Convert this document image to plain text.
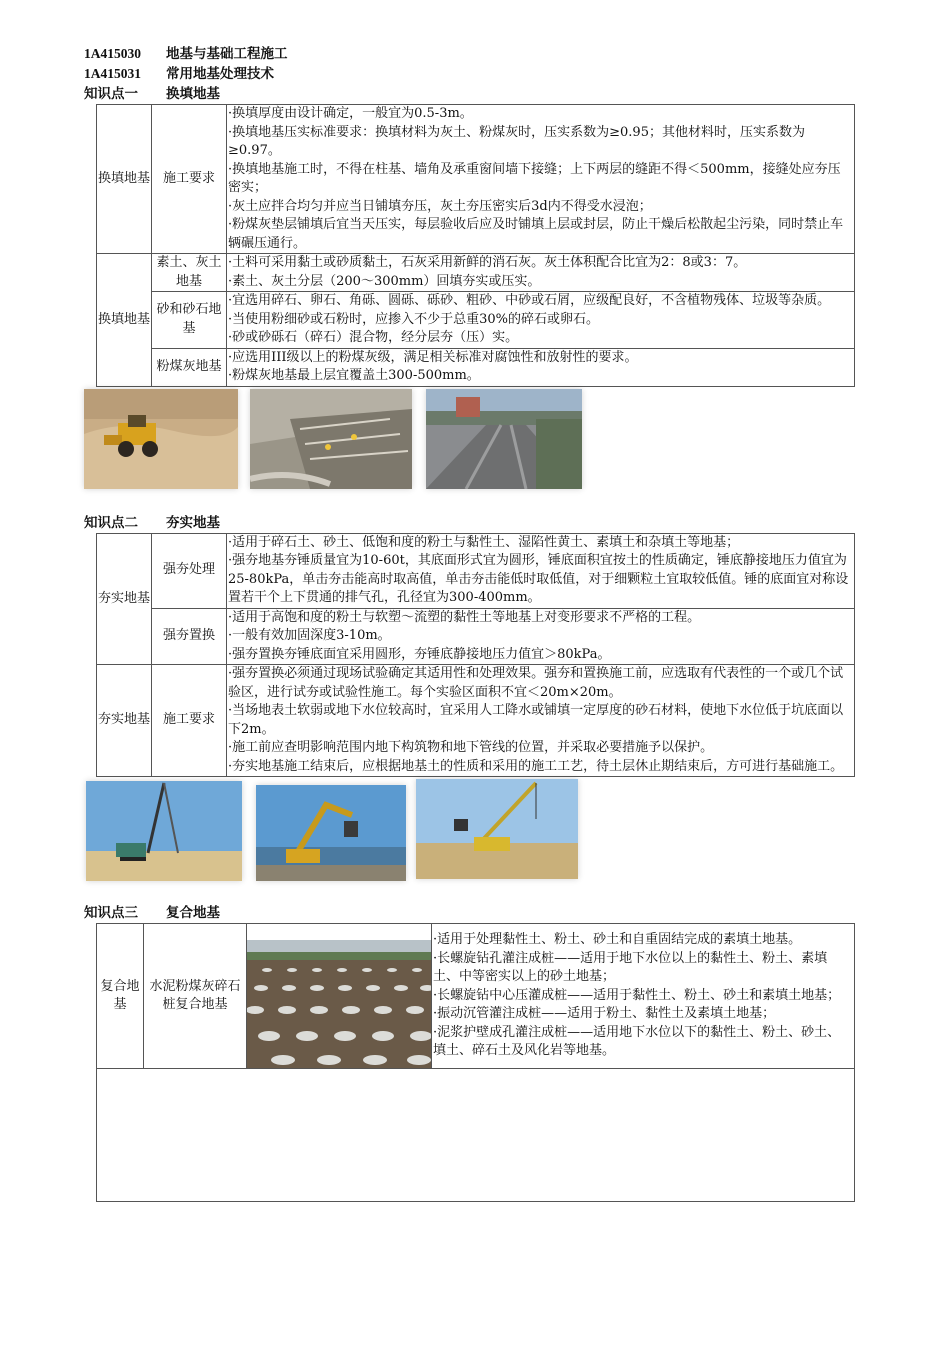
1A415030 地基与基础工程施工
1A415031 常用地基处理技术
知识点一 换填地基
换填地基	施工要求	·换填厚度由设计确定，一般宜为0.5-3m。
·换填地基压实标准要求：换填材料为灰土、粉煤灰时，压实系数为≥0.95；其他材料时，压实系数为≥0.97。
·换填地基施工时，不得在柱基、墙角及承重窗间墙下接缝；上下两层的缝距不得＜500mm，接缝处应夯压密实；
·灰土应拌合均匀并应当日铺填夯压，灰土夯压密实后3d内不得受水浸泡；
·粉煤灰垫层铺填后宜当天压实，每层验收后应及时铺填上层或封层，防止干燥后松散起尘污染，同时禁止车辆碾压通行。

换填地基	素土、灰土地基	·土料可采用黏土或砂质黏土，石灰采用新鲜的消石灰。灰土体积配合比宜为2：8或3：7。
·素土、灰土分层（200～300mm）回填夯实或压实。

	砂和砂石地基	·宜选用碎石、卵石、角砾、圆砾、砾砂、粗砂、中砂或石屑，应级配良好，不含植物残体、垃圾等杂质。
·当使用粉细砂或石粉时，应掺入不少于总重30%的碎石或卵石。
·砂或砂砾石（碎石）混合物，经分层夯（压）实。

	粉煤灰地基	·应选用III级以上的粉煤灰级，满足相关标准对腐蚀性和放射性的要求。
·粉煤灰地基最上层宜覆盖土300-500mm。
知识点二 夯实地基
夯实地基	强夯处理	·适用于碎石土、砂土、低饱和度的粉土与黏性土、湿陷性黄土、素填土和杂填土等地基；
·强夯地基夯锤质量宜为10-60t，其底面形式宜为圆形，锤底面积宜按土的性质确定，锤底静接地压力值宜为25-80kPa，单击夯击能高时取高值，单击夯击能低时取低值，对于细颗粒土宜取较低值。锤的底面宜对称设置若干个上下贯通的排气孔，孔径宜为300-400mm。

	强夯置换	·适用于高饱和度的粉土与软塑～流塑的黏性土等地基上对变形要求不严格的工程。
·一般有效加固深度3-10m。
·强夯置换夯锤底面宜采用圆形，夯锤底静接地压力值宜＞80kPa。

夯实地基	施工要求	·强夯置换必须通过现场试验确定其适用性和处理效果。强夯和置换施工前，应选取有代表性的一个或几个试验区，进行试夯或试验性施工。每个实验区面积不宜＜20m×20m。
·当场地表土软弱或地下水位较高时，宜采用人工降水或铺填一定厚度的砂石材料，使地下水位低于坑底面以下2m。
·施工前应查明影响范围内地下构筑物和地下管线的位置，并采取必要措施予以保护。
·夯实地基施工结束后，应根据地基土的性质和采用的施工工艺，待土层休止期结束后，方可进行基础施工。
知识点三 复合地基
复合地基	水泥粉煤灰碎石桩复合地基	

·适用于处理黏性土、粉土、砂土和自重固结完成的素填土地基。
·长螺旋钻孔灌注成桩——适用于地下水位以上的黏性土、粉土、素填土、中等密实以上的砂土地基；
·长螺旋钻中心压灌成桩——适用于黏性土、粉土、砂土和素填土地基；
·振动沉管灌注成桩——适用于粉土、黏性土及素填土地基；
·泥浆护壁成孔灌注成桩——适用地下水位以下的黏性土、粉土、砂土、填土、碎石土及风化岩等地基。
